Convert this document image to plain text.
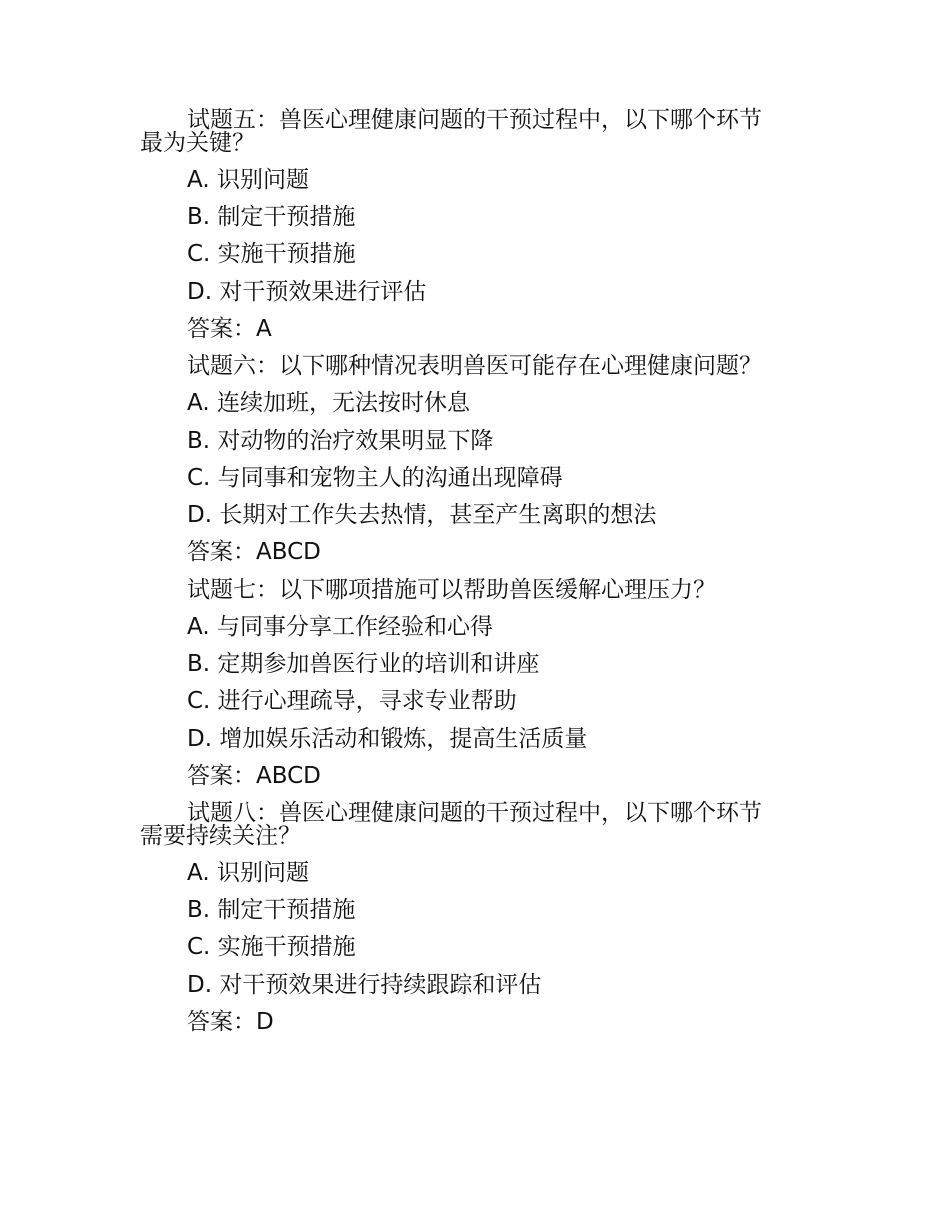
试题五：兽医心理健康问题的干预过程中，以下哪个环节
最为关键？
A. 识别问题
B. 制定干预措施
C. 实施干预措施
D. 对干预效果进行评估
答案：A
试题六：以下哪种情况表明兽医可能存在心理健康问题？
A. 连续加班，无法按时休息
B. 对动物的治疗效果明显下降
C. 与同事和宠物主人的沟通出现障碍
D. 长期对工作失去热情，甚至产生离职的想法
答案：ABCD
试题七：以下哪项措施可以帮助兽医缓解心理压力？
A. 与同事分享工作经验和心得
B. 定期参加兽医行业的培训和讲座
C. 进行心理疏导，寻求专业帮助
D. 增加娱乐活动和锻炼，提高生活质量
答案：ABCD
试题八：兽医心理健康问题的干预过程中，以下哪个环节
需要持续关注？
A. 识别问题
B. 制定干预措施
C. 实施干预措施
D. 对干预效果进行持续跟踪和评估
答案：D
